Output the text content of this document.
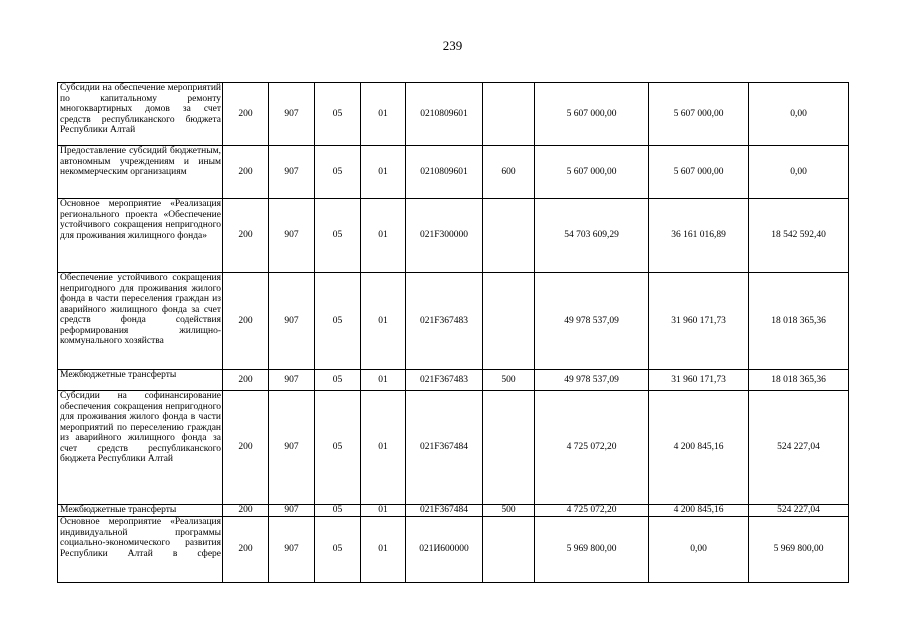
239
Субсидии на обеспечение мероприятий по капитальному ремонту многоквартирных домов за счет средств республиканского бюджета Республики Алтай	200	907	05	01	0210809601		5 607 000,00	5 607 000,00	0,00
Предоставление субсидий бюджетным, автономным учреждениям и иным некоммерческим организациям	200	907	05	01	0210809601	600	5 607 000,00	5 607 000,00	0,00
Основное мероприятие «Реализация регионального проекта «Обеспечение устойчивого сокращения непригодного для проживания жилищного фонда»	200	907	05	01	021F300000		54 703 609,29	36 161 016,89	18 542 592,40
Обеспечение устойчивого сокращения непригодного для проживания жилого фонда в части переселения граждан из аварийного жилищного фонда за счет средств фонда содействия реформирования жилищно-коммунального хозяйства	200	907	05	01	021F367483		49 978 537,09	31 960 171,73	18 018 365,36
Межбюджетные трансферты	200	907	05	01	021F367483	500	49 978 537,09	31 960 171,73	18 018 365,36
Субсидии на софинансирование обеспечения сокращения непригодного для проживания жилого фонда в части мероприятий по переселению граждан из аварийного жилищного фонда за счет средств республиканского бюджета Республики Алтай	200	907	05	01	021F367484		4 725 072,20	4 200 845,16	524 227,04
Межбюджетные трансферты	200	907	05	01	021F367484	500	4 725 072,20	4 200 845,16	524 227,04
Основное мероприятие «Реализация индивидуальной программы социально-экономического развития Республики Алтай в сфере	200	907	05	01	021И600000		5 969 800,00	0,00	5 969 800,00
